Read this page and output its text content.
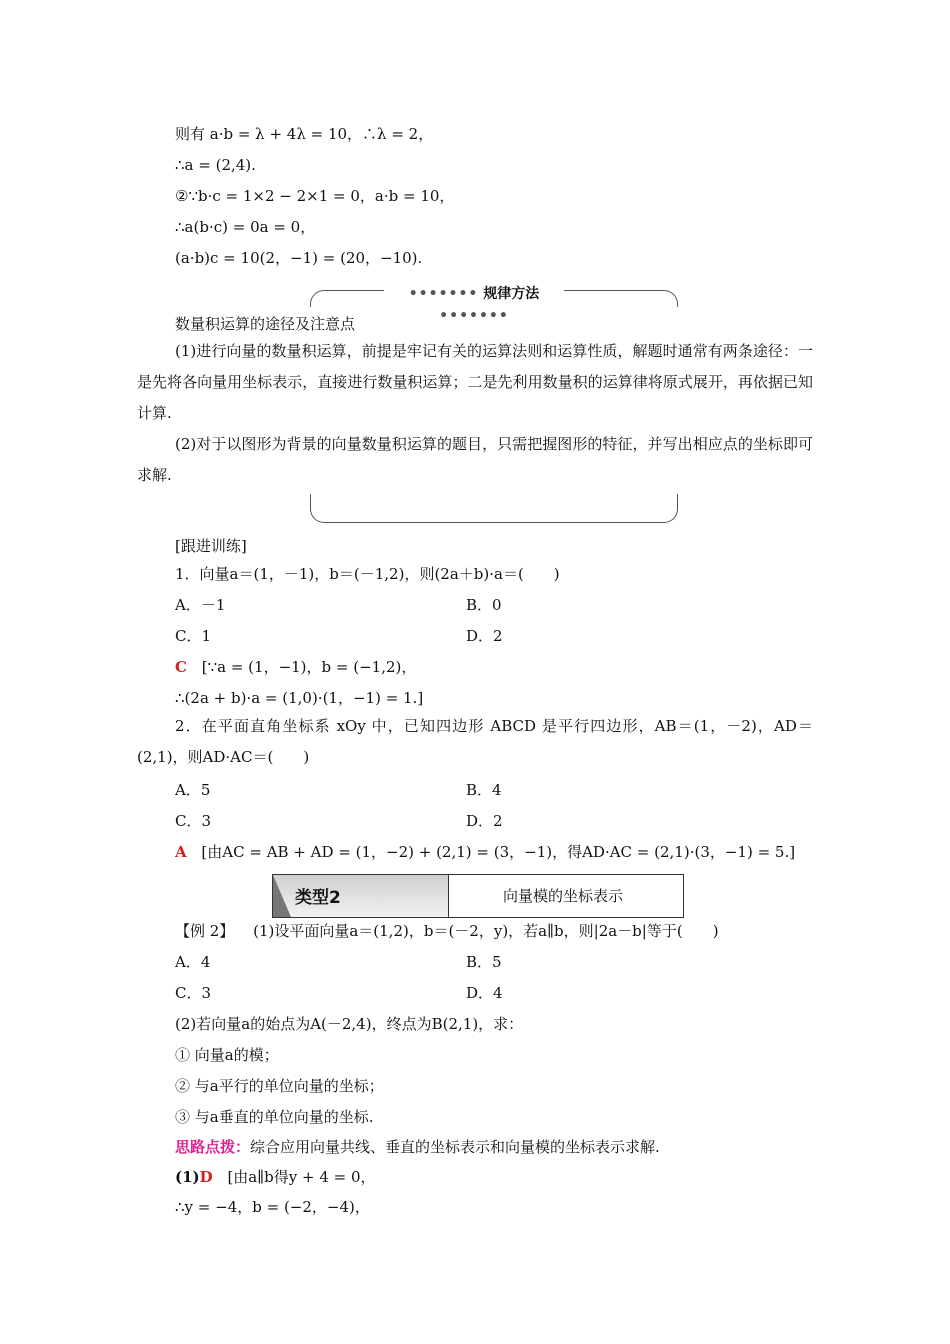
则有 a·b = λ + 4λ = 10，∴λ = 2，
∴a = (2,4).
②∵b·c = 1×2 − 2×1 = 0，a·b = 10，
∴a(b·c) = 0a = 0，
(a·b)c = 10(2，−1) = (20，−10).
••••••• 规律方法 •••••••
数量积运算的途径及注意点
(1)进行向量的数量积运算，前提是牢记有关的运算法则和运算性质，解题时通常有两条途径：一是先将各向量用坐标表示，直接进行数量积运算；二是先利用数量积的运算律将原式展开，再依据已知计算.
(2)对于以图形为背景的向量数量积运算的题目，只需把握图形的特征，并写出相应点的坐标即可求解.
[跟进训练]
1．向量a＝(1，－1)，b＝(－1,2)，则(2a＋b)·a＝(　　)
A．－1	B．0
C．1	D．2
C [∵a = (1，−1)，b = (−1,2)，
∴(2a + b)·a = (1,0)·(1，−1) = 1.]
2．在平面直角坐标系 xOy 中，已知四边形 ABCD 是平行四边形，AB＝(1，－2)，AD＝(2,1)，则AD·AC＝(　　)
A．5	B．4
C．3	D．2
A [由AC = AB + AD = (1，−2) + (2,1) = (3，−1)，得AD·AC = (2,1)·(3，−1) = 5.]
类型2	向量模的坐标表示
【例 2】 (1)设平面向量a＝(1,2)，b＝(－2，y)，若a∥b，则|2a－b|等于(　　)
A．4	B．5
C．3	D．4
(2)若向量a的始点为A(－2,4)，终点为B(2,1)，求：
① 向量a的模；
② 与a平行的单位向量的坐标；
③ 与a垂直的单位向量的坐标.
思路点拨：综合应用向量共线、垂直的坐标表示和向量模的坐标表示求解.
(1)D [由a∥b得y + 4 = 0，
∴y = −4，b = (−2，−4)，
